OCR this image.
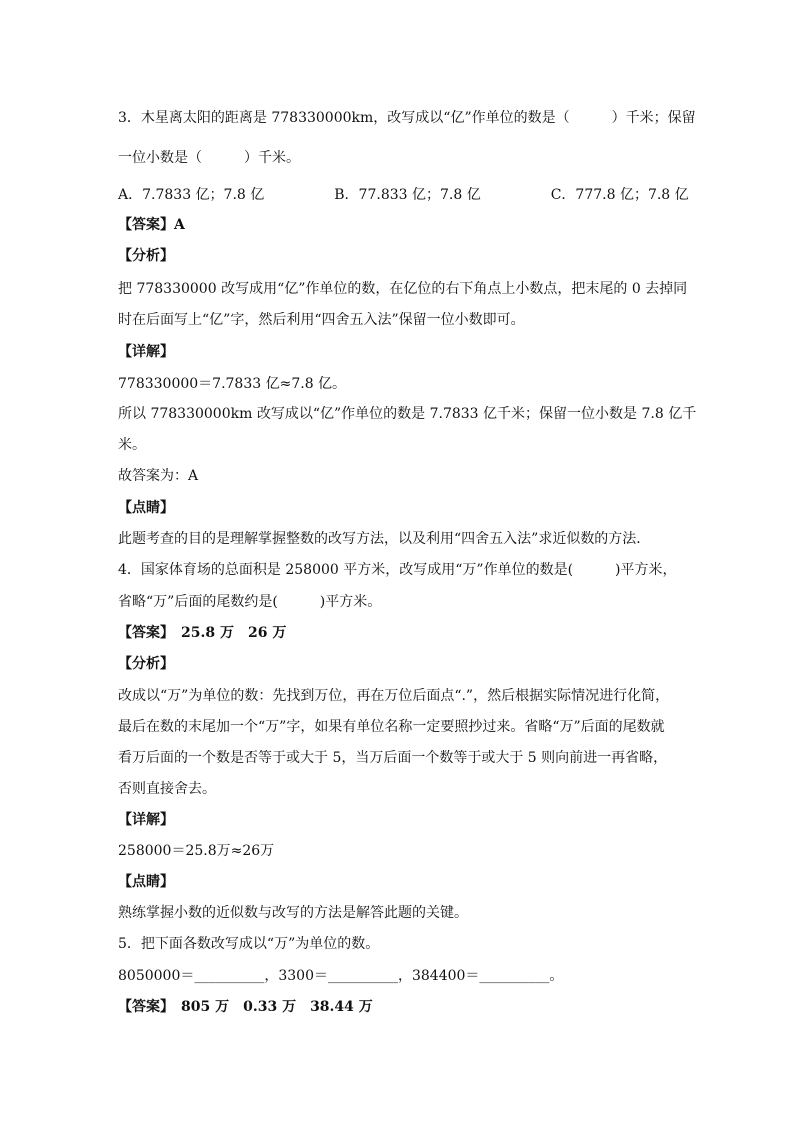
3．木星离太阳的距离是 778330000km，改写成以“亿”作单位的数是（　　　）千米；保留
一位小数是（　　　）千米。
A．7.7833 亿；7.8 亿　　　　　B．77.833 亿；7.8 亿　　　　　C．777.8 亿；7.8 亿
【答案】A
【分析】
把 778330000 改写成用“亿”作单位的数，在亿位的右下角点上小数点，把末尾的 0 去掉同
时在后面写上“亿”字，然后利用“四舍五入法”保留一位小数即可。
【详解】
778330000＝7.7833 亿≈7.8 亿。
所以 778330000km 改写成以“亿”作单位的数是 7.7833 亿千米；保留一位小数是 7.8 亿千
米。
故答案为：A
【点睛】
此题考查的目的是理解掌握整数的改写方法，以及利用“四舍五入法”求近似数的方法．
4．国家体育场的总面积是 258000 平方米，改写成用“万”作单位的数是(　　　)平方米，
省略“万”后面的尾数约是(　　　)平方米。
【答案】　25.8 万　26 万
【分析】
改成以“万”为单位的数：先找到万位，再在万位后面点“.”，然后根据实际情况进行化简，
最后在数的末尾加一个“万”字，如果有单位名称一定要照抄过来。省略“万”后面的尾数就
看万后面的一个数是否等于或大于 5，当万后面一个数等于或大于 5 则向前进一再省略，
否则直接舍去。
【详解】
258000＝25.8万≈26万
【点睛】
熟练掌握小数的近似数与改写的方法是解答此题的关键。
5．把下面各数改写成以“万”为单位的数。
8050000＝__________，3300＝__________，384400＝__________。
【答案】　805 万　0.33 万　38.44 万
